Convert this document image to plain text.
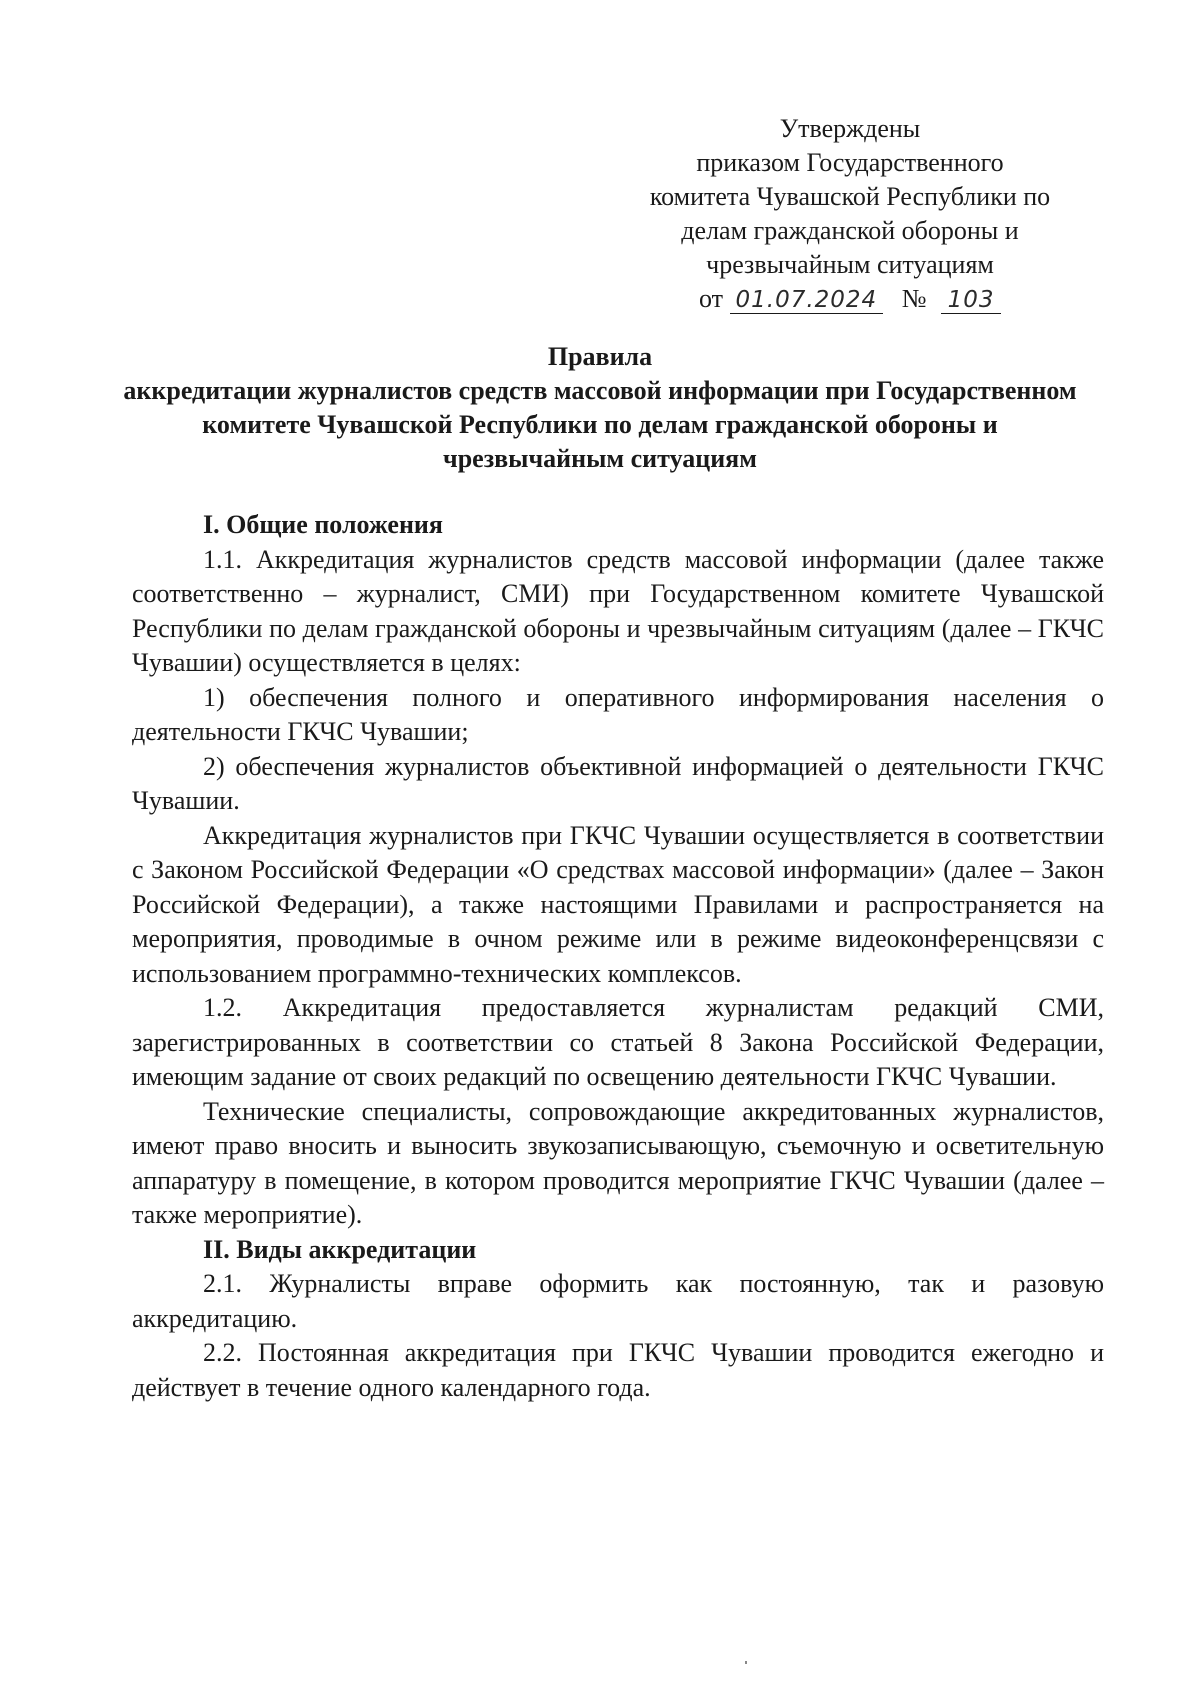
Утверждены
приказом Государственного
комитета Чувашской Республики по
делам гражданской обороны и
чрезвычайным ситуациям
от 01.07.2024 № 103
Правила
аккредитации журналистов средств массовой информации при Государственном комитете Чувашской Республики по делам гражданской обороны и чрезвычайным ситуациям

I. Общие положения

1.1. Аккредитация журналистов средств массовой информации (далее также соответственно – журналист, СМИ) при Государственном комитете Чувашской Республики по делам гражданской обороны и чрезвычайным ситуациям (далее – ГКЧС Чувашии) осуществляется в целях:

1) обеспечения полного и оперативного информирования населения о деятельности ГКЧС Чувашии;

2) обеспечения журналистов объективной информацией о деятельности ГКЧС Чувашии.

Аккредитация журналистов при ГКЧС Чувашии осуществляется в соответствии с Законом Российской Федерации «О средствах массовой информации» (далее – Закон Российской Федерации), а также настоящими Правилами и распространяется на мероприятия, проводимые в очном режиме или в режиме видеоконференцсвязи с использованием программно-технических комплексов.

1.2. Аккредитация предоставляется журналистам редакций СМИ, зарегистрированных в соответствии со статьей 8 Закона Российской Федерации, имеющим задание от своих редакций по освещению деятельности ГКЧС Чувашии.

Технические специалисты, сопровождающие аккредитованных журналистов, имеют право вносить и выносить звукозаписывающую, съемочную и осветительную аппаратуру в помещение, в котором проводится мероприятие ГКЧС Чувашии (далее – также мероприятие).

II. Виды аккредитации

2.1. Журналисты вправе оформить как постоянную, так и разовую аккредитацию.

2.2. Постоянная аккредитация при ГКЧС Чувашии проводится ежегодно и действует в течение одного календарного года.
